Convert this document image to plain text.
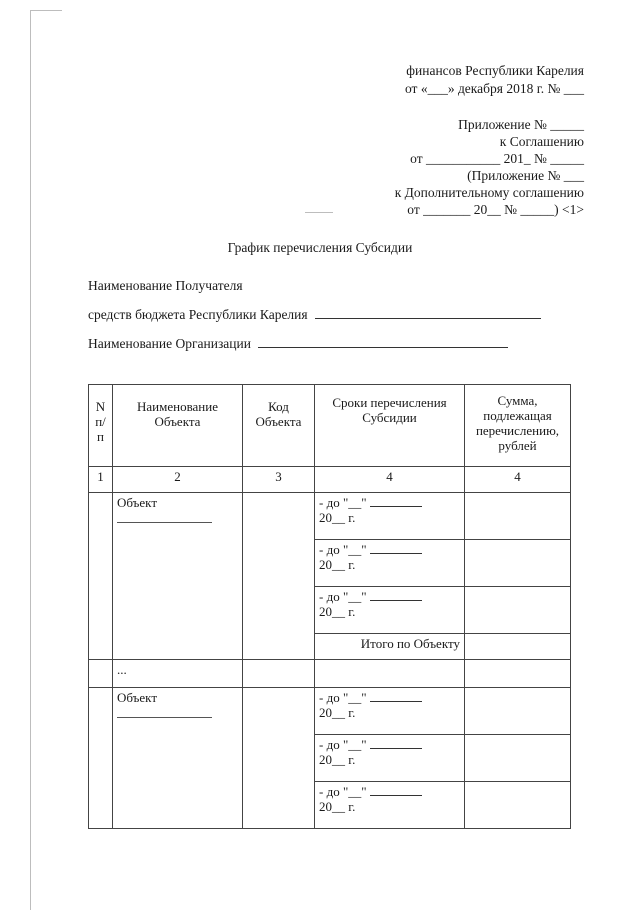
финансов Республики Карелия
от «___» декабря 2018 г. № ___
Приложение № _____
к Соглашению
от ___________ 201_ № _____
(Приложение № ___
к Дополнительному соглашению
от _______ 20__ № _____) <1>
График перечисления Субсидии
Наименование Получателя
средств бюджета Республики Карелия
Наименование Организации
N п/п	Наименование Объекта	Код Объекта	Сроки перечисления Субсидии	Сумма, подлежащая перечислению, рублей
1	2	3	4	4
	Объект		- до "__"
20__ г.	
			- до "__"
20__ г.	
			- до "__"
20__ г.	
			Итого по Объекту	
	...			
	Объект		- до "__"
20__ г.	
			- до "__"
20__ г.	
			- до "__"
20__ г.	
